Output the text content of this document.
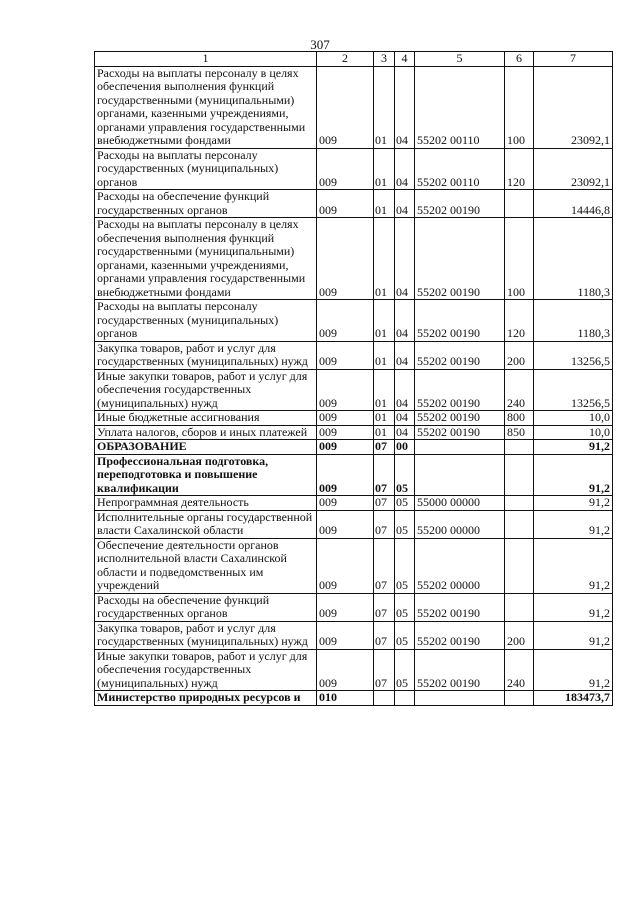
307
1	2	3	4	5	6	7
Расходы на выплаты персоналу в целях обеспечения выполнения функций государственными (муниципальными) органами, казенными учреждениями, органами управления государственными внебюджетными фондами	009	01	04	55202 00110	100	23092,1
Расходы на выплаты персоналу государственных (муниципальных) органов	009	01	04	55202 00110	120	23092,1
Расходы на обеспечение функций государственных органов	009	01	04	55202 00190		14446,8
Расходы на выплаты персоналу в целях обеспечения выполнения функций государственными (муниципальными) органами, казенными учреждениями, органами управления государственными внебюджетными фондами	009	01	04	55202 00190	100	1180,3
Расходы на выплаты персоналу государственных (муниципальных) органов	009	01	04	55202 00190	120	1180,3
Закупка товаров, работ и услуг для государственных (муниципальных) нужд	009	01	04	55202 00190	200	13256,5
Иные закупки товаров, работ и услуг для обеспечения государственных (муниципальных) нужд	009	01	04	55202 00190	240	13256,5
Иные бюджетные ассигнования	009	01	04	55202 00190	800	10,0
Уплата налогов, сборов и иных платежей	009	01	04	55202 00190	850	10,0
ОБРАЗОВАНИЕ	009	07	00			91,2
Профессиональная подготовка, переподготовка и повышение квалификации	009	07	05			91,2
Непрограммная деятельность	009	07	05	55000 00000		91,2
Исполнительные органы государственной власти Сахалинской области	009	07	05	55200 00000		91,2
Обеспечение деятельности органов исполнительной власти Сахалинской области и подведомственных им учреждений	009	07	05	55202 00000		91,2
Расходы на обеспечение функций государственных органов	009	07	05	55202 00190		91,2
Закупка товаров, работ и услуг для государственных (муниципальных) нужд	009	07	05	55202 00190	200	91,2
Иные закупки товаров, работ и услуг для обеспечения государственных (муниципальных) нужд	009	07	05	55202 00190	240	91,2
Министерство природных ресурсов и	010					183473,7
